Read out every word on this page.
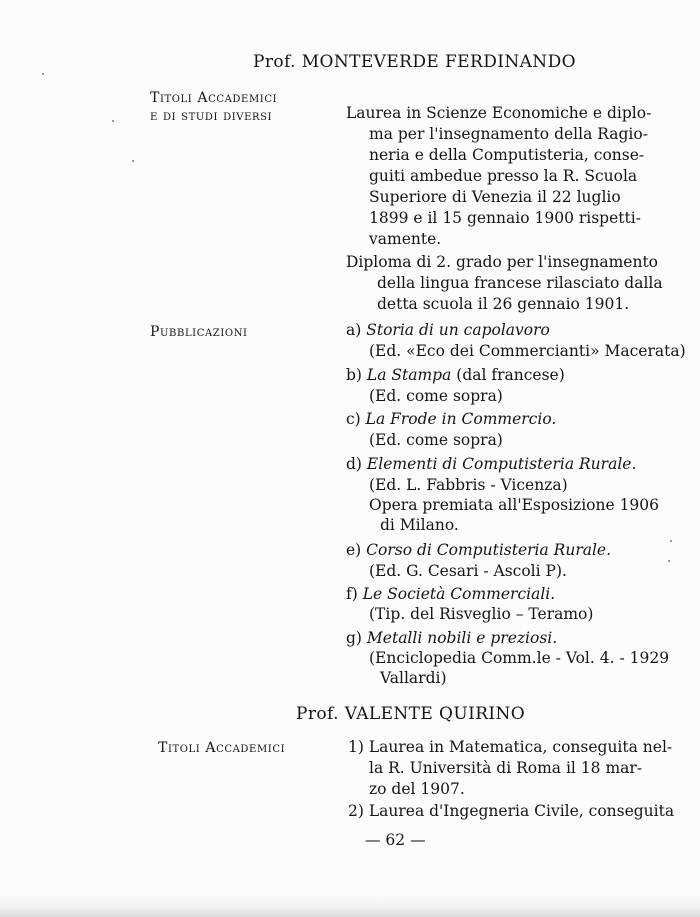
Prof. MONTEVERDE FERDINANDO
Titoli Accademici
e di studi diversi	Laurea in Scienze Economiche e diplo-
ma per l'insegnamento della Ragio-
neria e della Computisteria, conse-
guiti ambedue presso la R. Scuola
Superiore di Venezia il 22 luglio
1899 e il 15 gennaio 1900 rispetti-
vamente.
Diploma di 2. grado per l'insegnamento
della lingua francese rilasciato dalla
detta scuola il 26 gennaio 1901.
Pubblicazioni	a) Storia di un capolavoro
(Ed. «Eco dei Commercianti» Macerata)
b) La Stampa (dal francese)
(Ed. come sopra)
c) La Frode in Commercio.
(Ed. come sopra)
d) Elementi di Computisteria Rurale.
(Ed. L. Fabbris - Vicenza)
Opera premiata all'Esposizione 1906
di Milano.
e) Corso di Computisteria Rurale.
(Ed. G. Cesari - Ascoli P).
f) Le Società Commerciali.
(Tip. del Risveglio – Teramo)
g) Metalli nobili e preziosi.
(Enciclopedia Comm.le - Vol. 4. - 1929
Vallardi)
Prof. VALENTE QUIRINO
Titoli Accademici	1) Laurea in Matematica, conseguita nel-
la R. Università di Roma il 18 mar-
zo del 1907.
2) Laurea d'Ingegneria Civile, conseguita
— 62 —
